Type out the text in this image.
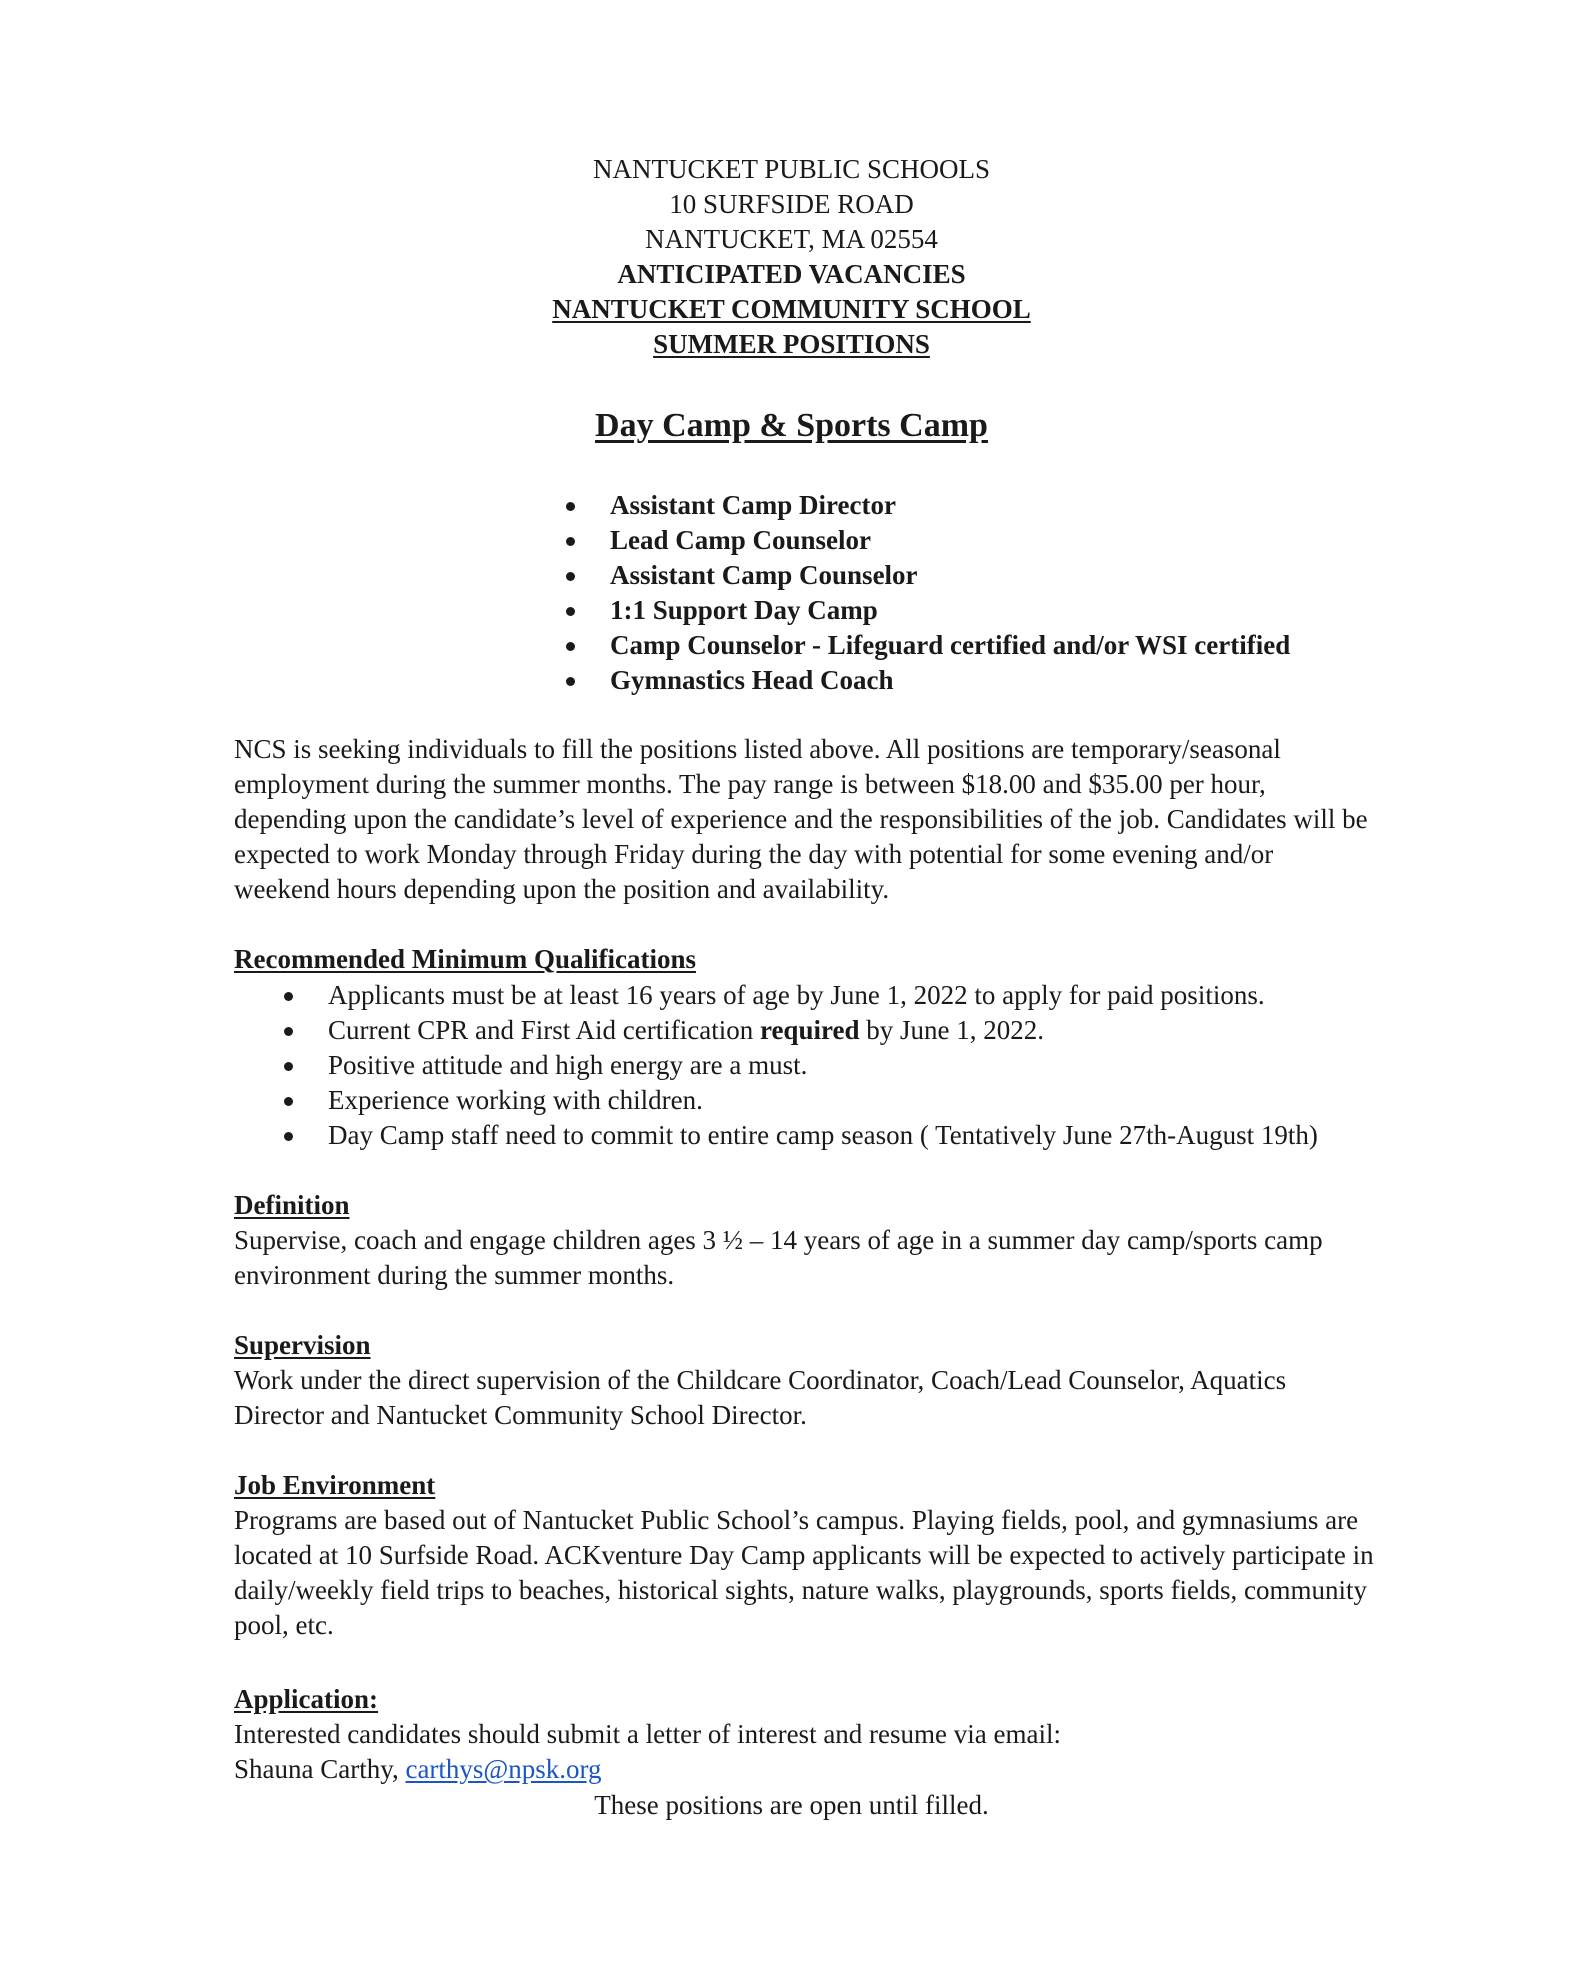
NANTUCKET PUBLIC SCHOOLS
10 SURFSIDE ROAD
NANTUCKET, MA 02554
ANTICIPATED VACANCIES
NANTUCKET COMMUNITY SCHOOL
SUMMER POSITIONS
Day Camp & Sports Camp
Assistant Camp Director
Lead Camp Counselor
Assistant Camp Counselor
1:1 Support Day Camp
Camp Counselor - Lifeguard certified and/or WSI certified
Gymnastics Head Coach
NCS is seeking individuals to fill the positions listed above. All positions are temporary/seasonal
employment during the summer months. The pay range is between $18.00 and $35.00 per hour,
depending upon the candidate’s level of experience and the responsibilities of the job. Candidates will be
expected to work Monday through Friday during the day with potential for some evening and/or
weekend hours depending upon the position and availability.
Recommended Minimum Qualifications
Applicants must be at least 16 years of age by June 1, 2022 to apply for paid positions.
Current CPR and First Aid certification required by June 1, 2022.
Positive attitude and high energy are a must.
Experience working with children.
Day Camp staff need to commit to entire camp season ( Tentatively June 27th-August 19th)
Definition
Supervise, coach and engage children ages 3 ½ – 14 years of age in a summer day camp/sports camp
environment during the summer months.
Supervision
Work under the direct supervision of the Childcare Coordinator, Coach/Lead Counselor, Aquatics
Director and Nantucket Community School Director.
Job Environment
Programs are based out of Nantucket Public School’s campus. Playing fields, pool, and gymnasiums are
located at 10 Surfside Road. ACKventure Day Camp applicants will be expected to actively participate in
daily/weekly field trips to beaches, historical sights, nature walks, playgrounds, sports fields, community
pool, etc.
Application:
Interested candidates should submit a letter of interest and resume via email:
Shauna Carthy, carthys@npsk.org
These positions are open until filled.
